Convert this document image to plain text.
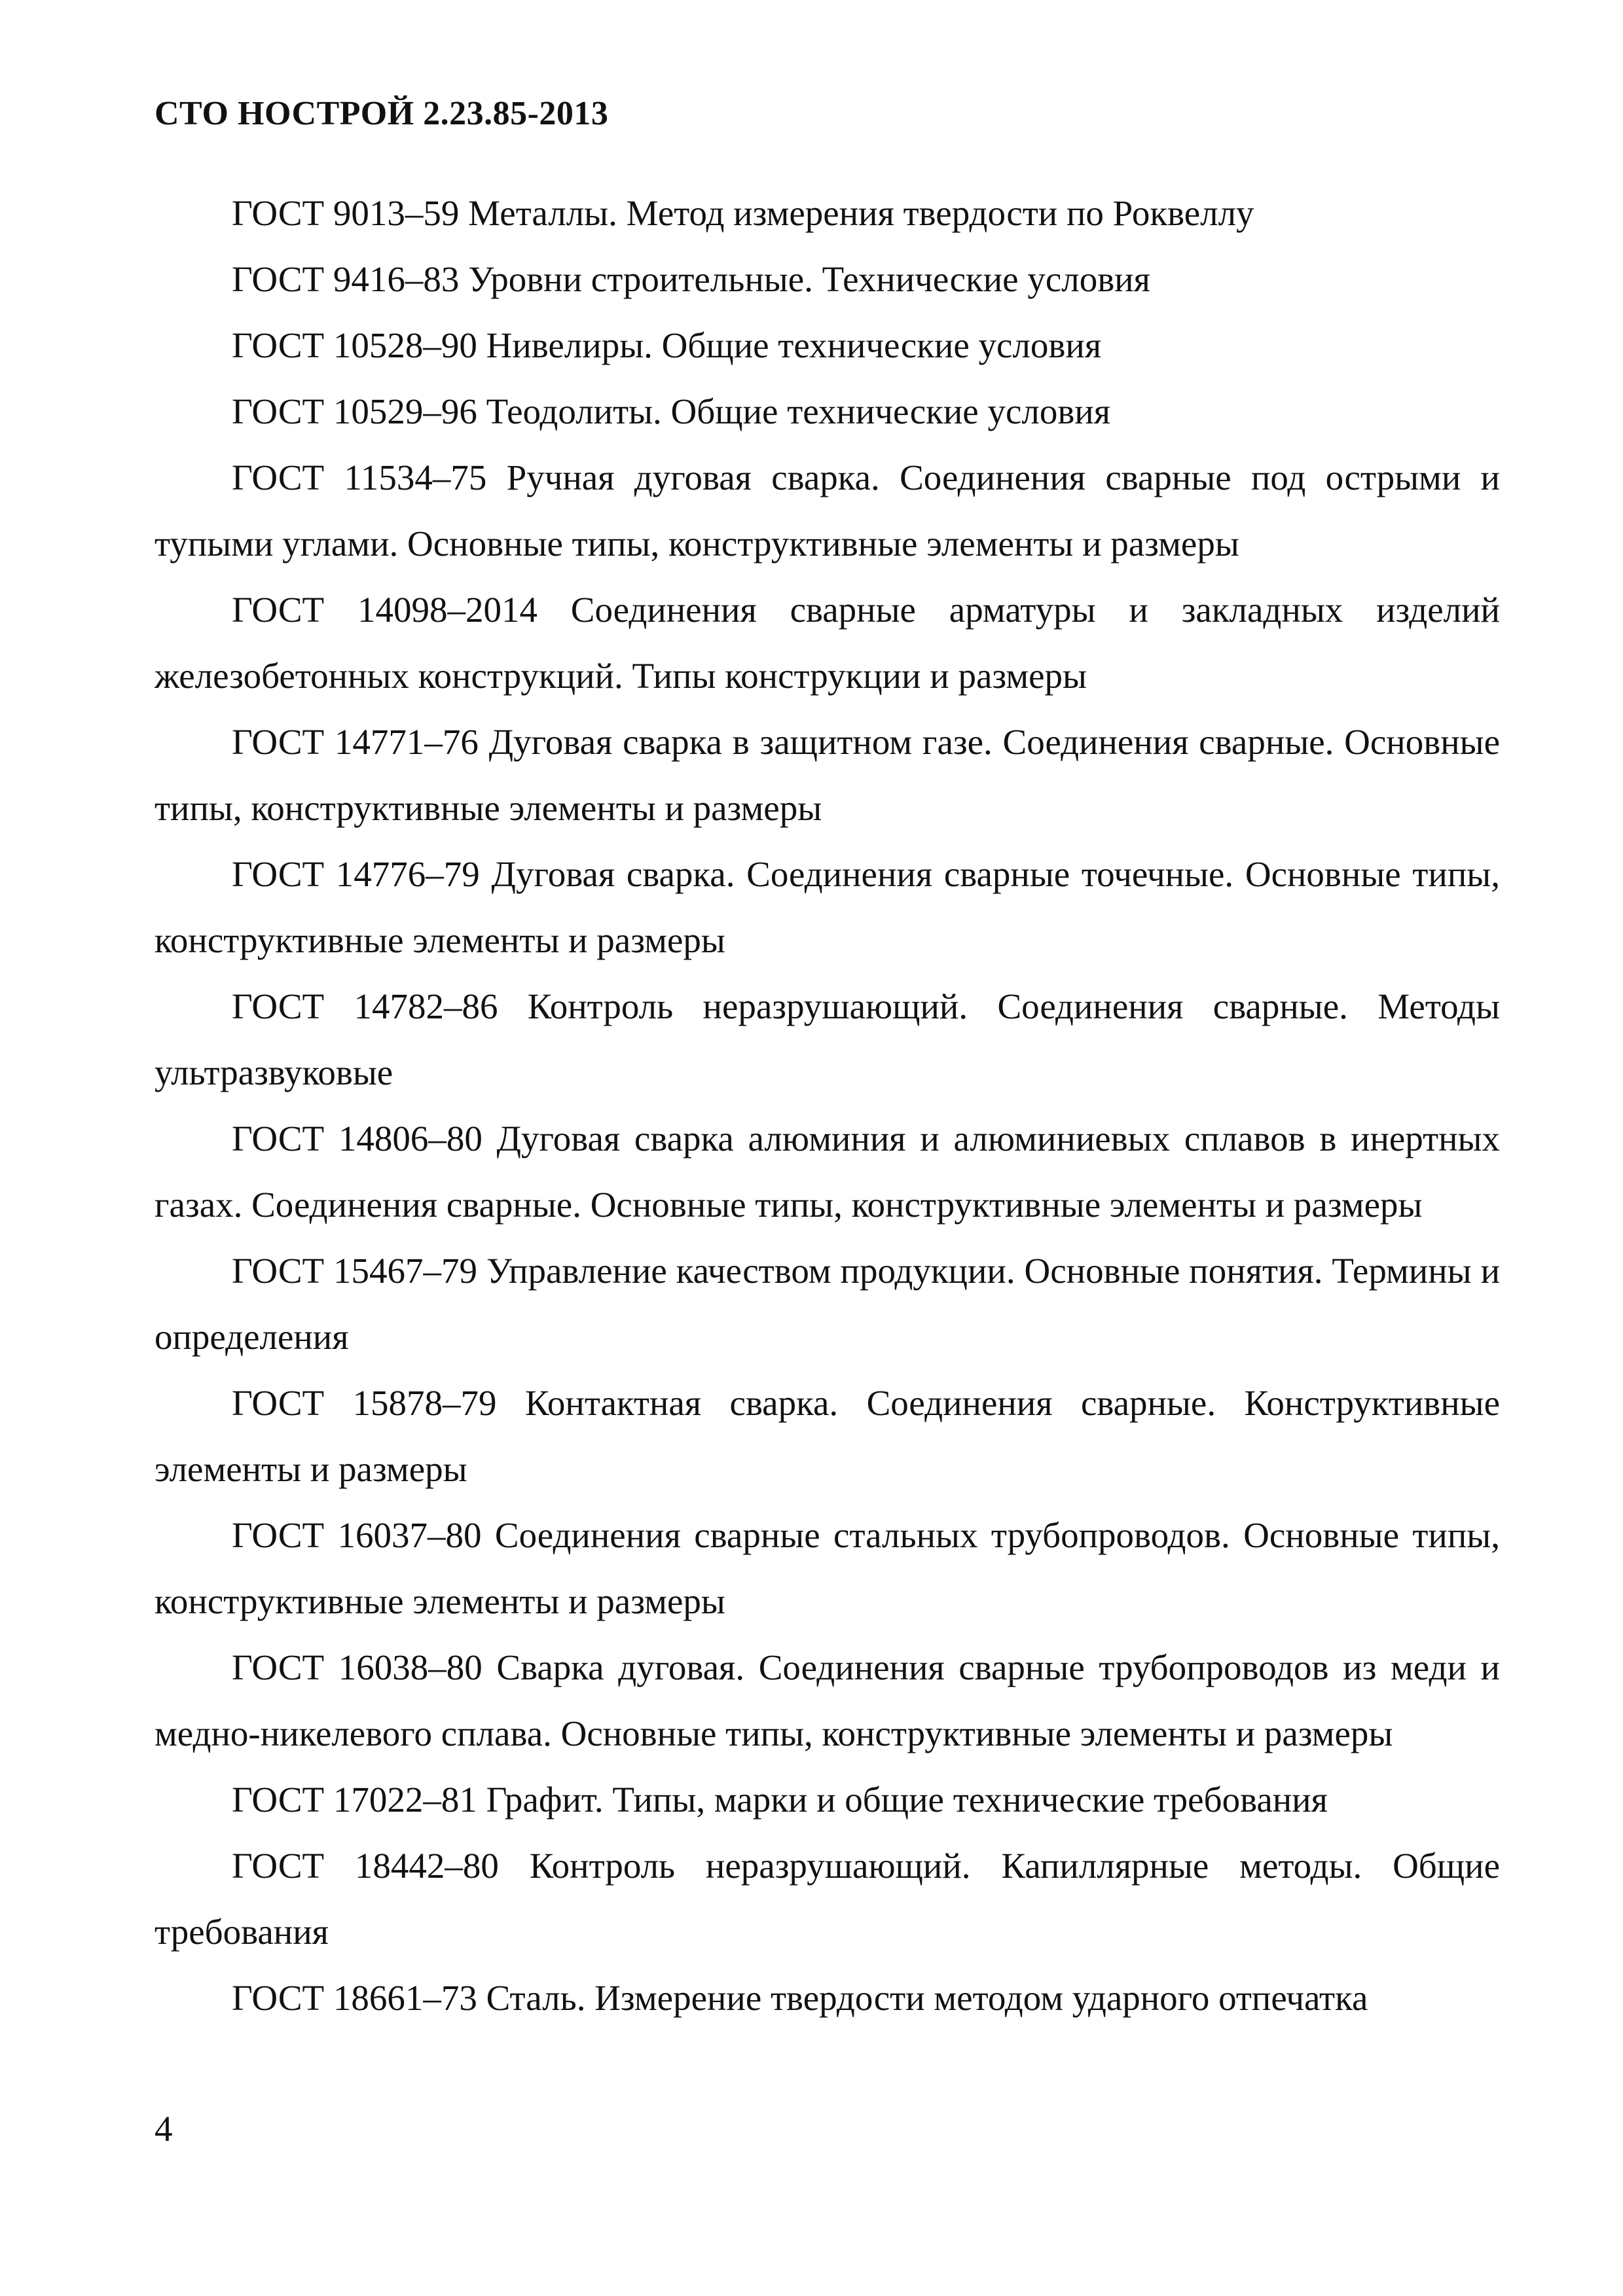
СТО НОСТРОЙ 2.23.85-2013

ГОСТ 9013–59 Металлы. Метод измерения твердости по Роквеллу

ГОСТ 9416–83 Уровни строительные. Технические условия

ГОСТ 10528–90 Нивелиры. Общие технические условия

ГОСТ 10529–96 Теодолиты. Общие технические условия

ГОСТ 11534–75 Ручная дуговая сварка. Соединения сварные под острыми и тупыми углами. Основные типы, конструктивные элементы и размеры

ГОСТ 14098–2014 Соединения сварные арматуры и закладных изделий железобетонных конструкций. Типы конструкции и размеры

ГОСТ 14771–76 Дуговая сварка в защитном газе. Соединения сварные. Основные типы, конструктивные элементы и размеры

ГОСТ 14776–79 Дуговая сварка. Соединения сварные точечные. Основные типы, конструктивные элементы и размеры

ГОСТ 14782–86 Контроль неразрушающий. Соединения сварные. Методы ультразвуковые

ГОСТ 14806–80 Дуговая сварка алюминия и алюминиевых сплавов в инертных газах. Соединения сварные. Основные типы, конструктивные элементы и размеры

ГОСТ 15467–79 Управление качеством продукции. Основные понятия. Термины и определения

ГОСТ 15878–79 Контактная сварка. Соединения сварные. Конструктивные элементы и размеры

ГОСТ 16037–80 Соединения сварные стальных трубопроводов. Основные типы, конструктивные элементы и размеры

ГОСТ 16038–80 Сварка дуговая. Соединения сварные трубопроводов из меди и медно-никелевого сплава. Основные типы, конструктивные элементы и размеры

ГОСТ 17022–81 Графит. Типы, марки и общие технические требования

ГОСТ 18442–80 Контроль неразрушающий. Капиллярные методы. Общие требования

ГОСТ 18661–73 Сталь. Измерение твердости методом ударного отпечатка

4
